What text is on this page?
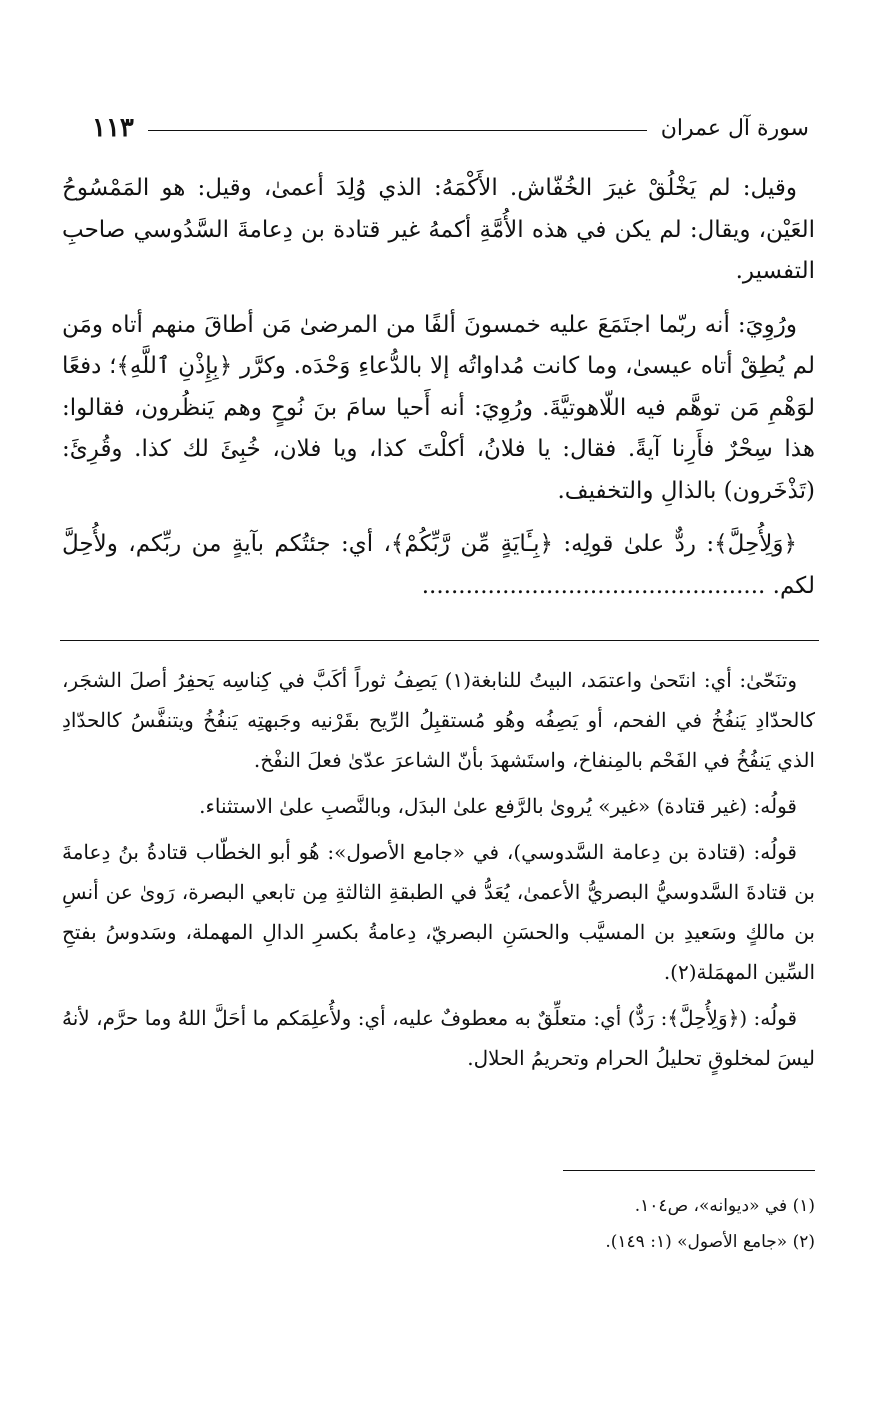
سورة آل عمران
١١٣

وقيل: لم يَخْلُقْ غيرَ الخُفّاش. الأَكْمَهُ: الذي وُلِدَ أعمىٰ، وقيل: هو المَمْسُوحُ العَيْن، ويقال: لم يكن في هذه الأُمَّةِ أكمهُ غير قتادة بن دِعامةَ السَّدُوسي صاحبِ التفسير.

ورُوِيَ: أنه ربّما اجتَمَعَ عليه خمسونَ ألفًا من المرضىٰ مَن أطاقَ منهم أتاه ومَن لم يُطِقْ أتاه عيسىٰ، وما كانت مُداواتُه إلا بالدُّعاءِ وَحْدَه. وكرَّر ﴿بِإِذْنِ ٱللَّهِ﴾؛ دفعًا لوَهْمِ مَن توهَّم فيه اللّاهوتيَّةَ. ورُوِيَ: أنه أَحيا سامَ بنَ نُوحٍ وهم يَنظُرون، فقالوا: هذا سِحْرٌ فأَرِنا آيةً. فقال: يا فلانُ، أكلْتَ كذا، ويا فلان، خُبِئَ لك كذا. وقُرِئَ: (تَذْخَرون) بالذالِ والتخفيف.

﴿وَلِأُحِلَّ﴾: ردٌّ علىٰ قولِه: ﴿بِـَٔايَةٍ مِّن رَّبِّكُمْ﴾، أي: جئتُكم بآيةٍ من ربِّكم، ولأُحِلَّ لكم. ...............................................

وتنَحّىٰ: أي: انتَحىٰ واعتمَد، البيتُ للنابغة(١) يَصِفُ ثوراً أكَبَّ في كِناسِه يَحفِرُ أصلَ الشجَر، كالحدّادِ يَنفُخُ في الفحم، أو يَصِفُه وهُو مُستقبِلُ الرِّيح بقَرْنيه وجَبهتِه يَنفُخُ ويتنفَّسُ كالحدّادِ الذي يَنفُخُ في الفَحْم بالمِنفاخ، واستَشهدَ بأنّ الشاعرَ عدّىٰ فعلَ النفْخ.

قولُه: (غير قتادة) «غير» يُروىٰ بالرَّفع علىٰ البدَل، وبالنَّصبِ علىٰ الاستثناء.

قولُه: (قتادة بن دِعامة السَّدوسي)، في «جامع الأصول»: هُو أبو الخطّاب قتادةُ بنُ دِعامةَ بن قتادةَ السَّدوسيُّ البصريُّ الأعمىٰ، يُعَدُّ في الطبقةِ الثالثةِ مِن تابعي البصرة، رَوىٰ عن أنسِ بن مالكٍ وسَعيدِ بن المسيَّب والحسَنِ البصريّ، دِعامةُ بكسرِ الدالِ المهملة، وسَدوسُ بفتحِ السِّين المهمَلة(٢).

قولُه: (﴿وَلِأُحِلَّ﴾: رَدٌّ) أي: متعلِّقٌ به معطوفٌ عليه، أي: ولأُعلِمَكم ما أحَلَّ اللهُ وما حرَّم، لأنهُ ليسَ لمخلوقٍ تحليلُ الحرام وتحريمُ الحلال.

(١) في «ديوانه»، ص١٠٤.
(٢) «جامع الأصول» (١: ١٤٩).
